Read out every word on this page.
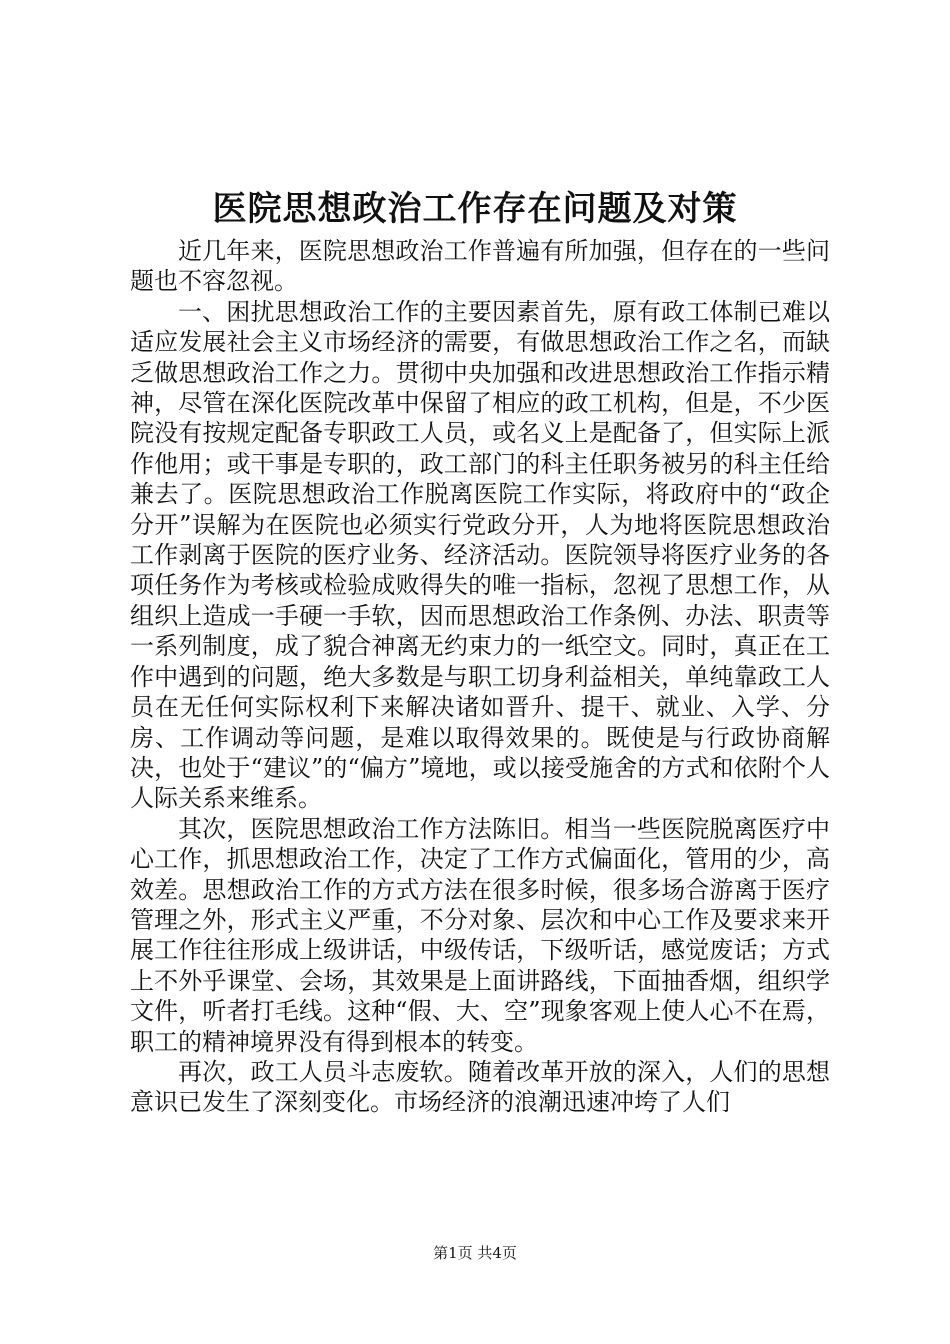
医院思想政治工作存在问题及对策

近几年来，医院思想政治工作普遍有所加强，但存在的一些问题也不容忽视。

一、困扰思想政治工作的主要因素首先，原有政工体制已难以适应发展社会主义市场经济的需要，有做思想政治工作之名，而缺乏做思想政治工作之力。贯彻中央加强和改进思想政治工作指示精神，尽管在深化医院改革中保留了相应的政工机构，但是，不少医院没有按规定配备专职政工人员，或名义上是配备了，但实际上派作他用；或干事是专职的，政工部门的科主任职务被另的科主任给兼去了。医院思想政治工作脱离医院工作实际，将政府中的“政企分开”误解为在医院也必须实行党政分开，人为地将医院思想政治工作剥离于医院的医疗业务、经济活动。医院领导将医疗业务的各项任务作为考核或检验成败得失的唯一指标，忽视了思想工作，从组织上造成一手硬一手软，因而思想政治工作条例、办法、职责等一系列制度，成了貌合神离无约束力的一纸空文。同时，真正在工作中遇到的问题，绝大多数是与职工切身利益相关，单纯靠政工人员在无任何实际权利下来解决诸如晋升、提干、就业、入学、分房、工作调动等问题，是难以取得效果的。既使是与行政协商解决，也处于“建议”的“偏方”境地，或以接受施舍的方式和依附个人人际关系来维系。

其次，医院思想政治工作方法陈旧。相当一些医院脱离医疗中心工作，抓思想政治工作，决定了工作方式偏面化，管用的少，高效差。思想政治工作的方式方法在很多时候，很多场合游离于医疗管理之外，形式主义严重，不分对象、层次和中心工作及要求来开展工作往往形成上级讲话，中级传话，下级听话，感觉废话；方式上不外乎课堂、会场，其效果是上面讲路线，下面抽香烟，组织学文件，听者打毛线。这种“假、大、空”现象客观上使人心不在焉，职工的精神境界没有得到根本的转变。

再次，政工人员斗志废软。随着改革开放的深入，人们的思想意识已发生了深刻变化。市场经济的浪潮迅速冲垮了人们

第1页 共4页
